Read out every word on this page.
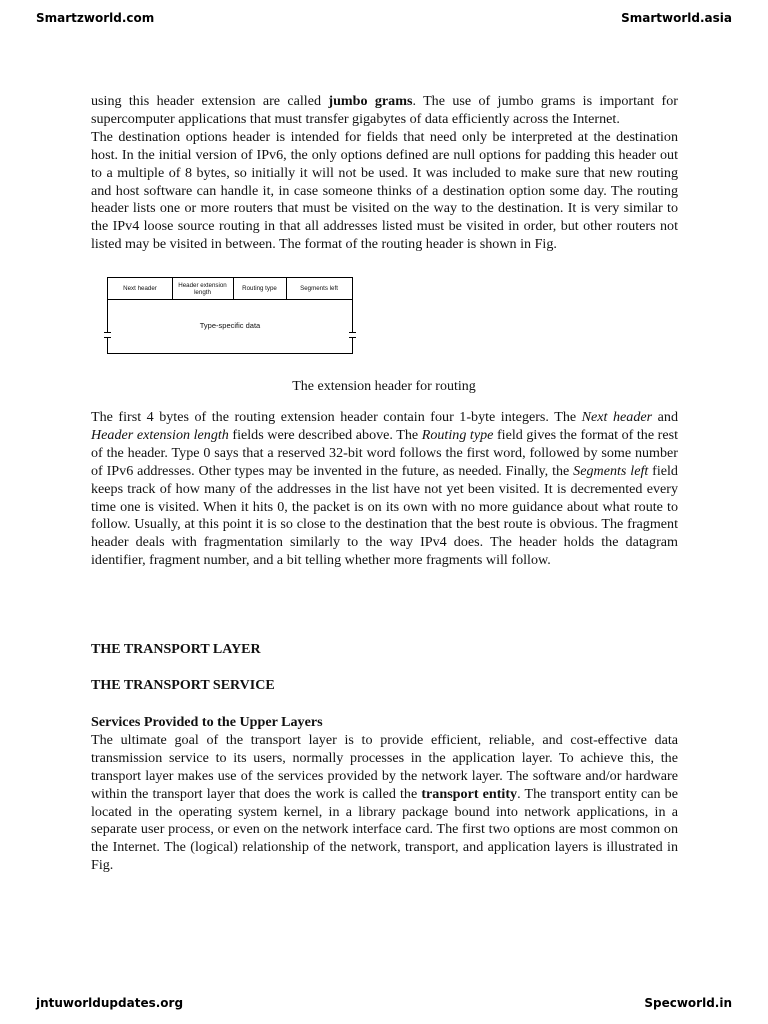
Smartzworld.com	Smartworld.asia

using this header extension are called jumbo grams. The use of jumbo grams is important for supercomputer applications that must transfer gigabytes of data efficiently across the Internet.

The destination options header is intended for fields that need only be interpreted at the destination host. In the initial version of IPv6, the only options defined are null options for padding this header out to a multiple of 8 bytes, so initially it will not be used. It was included to make sure that new routing and host software can handle it, in case someone thinks of a destination option some day. The routing header lists one or more routers that must be visited on the way to the destination. It is very similar to the IPv4 loose source routing in that all addresses listed must be visited in order, but other routers not listed may be visited in between. The format of the routing header is shown in Fig.

Next header	Header extension length	Routing type	Segments left
Type-specific data
The extension header for routing

The first 4 bytes of the routing extension header contain four 1-byte integers. The Next header and Header extension length fields were described above. The Routing type field gives the format of the rest of the header. Type 0 says that a reserved 32-bit word follows the first word, followed by some number of IPv6 addresses. Other types may be invented in the future, as needed. Finally, the Segments left field keeps track of how many of the addresses in the list have not yet been visited. It is decremented every time one is visited. When it hits 0, the packet is on its own with no more guidance about what route to follow. Usually, at this point it is so close to the destination that the best route is obvious. The fragment header deals with fragmentation similarly to the way IPv4 does. The header holds the datagram identifier, fragment number, and a bit telling whether more fragments will follow.

THE TRANSPORT LAYER
THE TRANSPORT SERVICE

Services Provided to the Upper Layers

The ultimate goal of the transport layer is to provide efficient, reliable, and cost-effective data transmission service to its users, normally processes in the application layer. To achieve this, the transport layer makes use of the services provided by the network layer. The software and/or hardware within the transport layer that does the work is called the transport entity. The transport entity can be located in the operating system kernel, in a library package bound into network applications, in a separate user process, or even on the network interface card. The first two options are most common on the Internet. The (logical) relationship of the network, transport, and application layers is illustrated in Fig.

jntuworldupdates.org	Specworld.in
